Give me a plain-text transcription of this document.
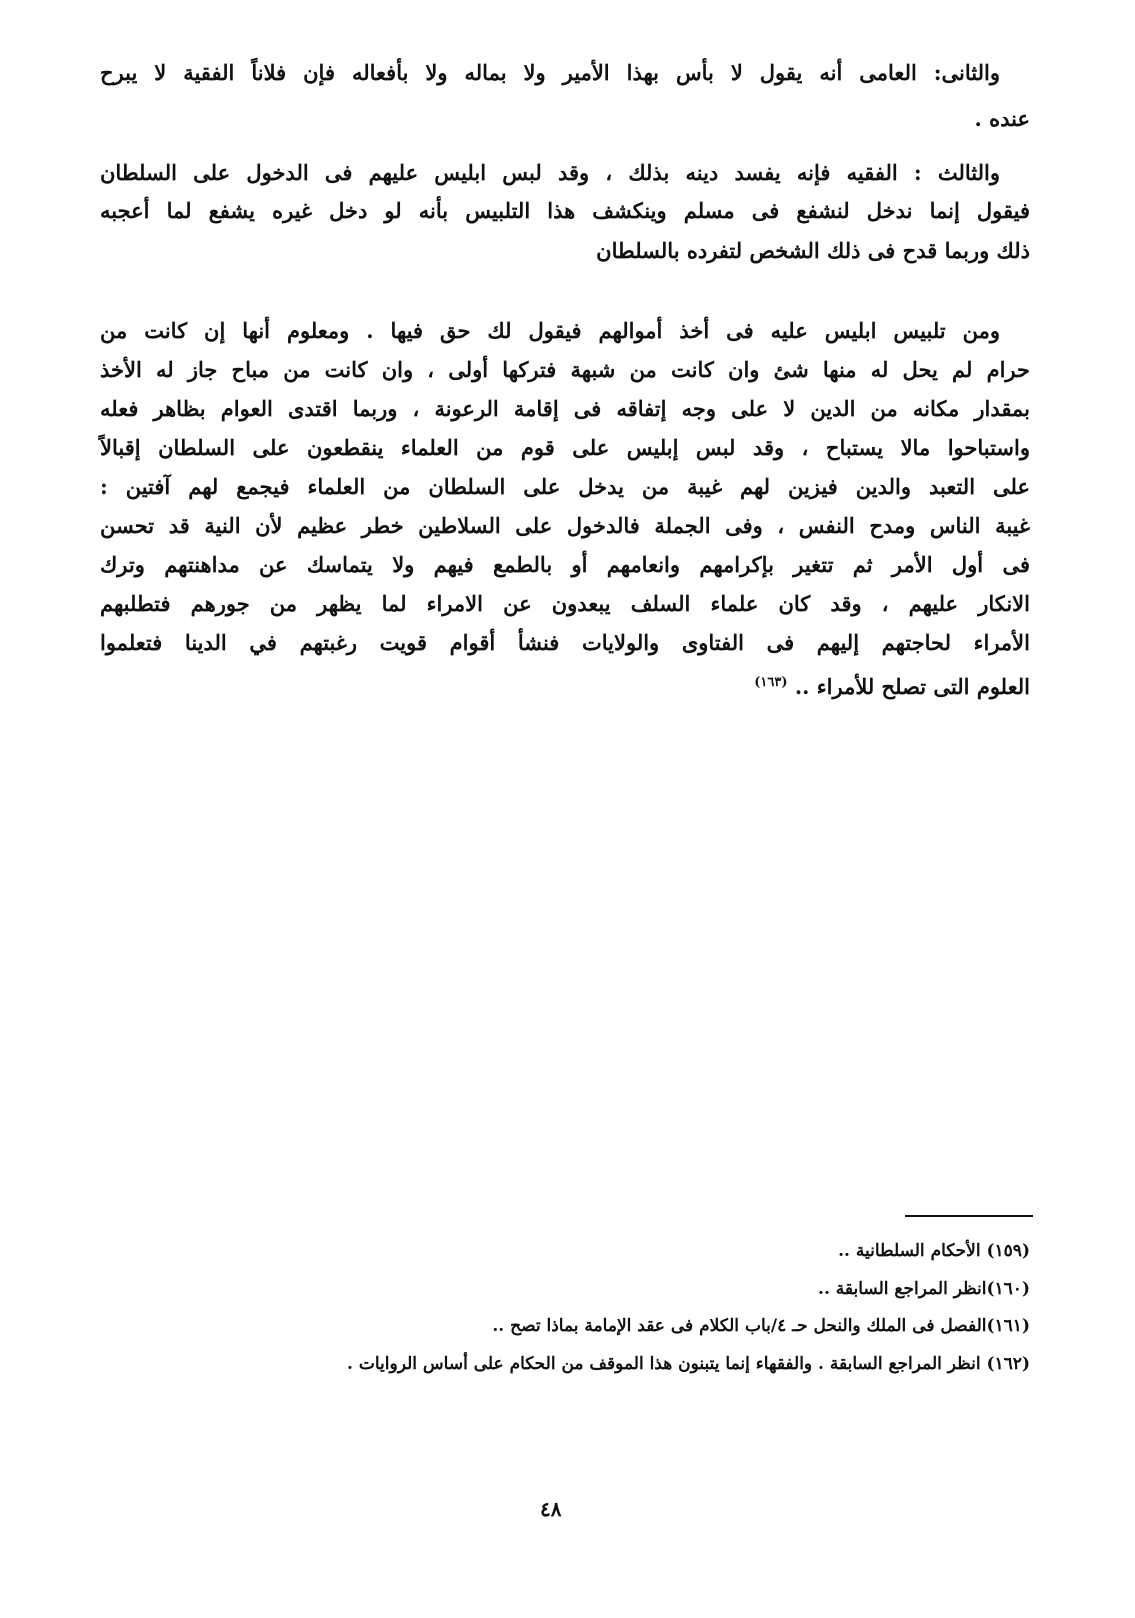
والثانى: العامى أنه يقول لا بأس بهذا الأمير ولا بماله ولا بأفعاله فإن فلاناً الفقية لا يبرح
عنده .
والثالث : الفقيه فإنه يفسد دينه بذلك ، وقد لبس ابليس عليهم فى الدخول على السلطان
فيقول إنما ندخل لنشفع فى مسلم وينكشف هذا التلبيس بأنه لو دخل غيره يشفع لما أعجبه
ذلك وربما قدح فى ذلك الشخص لتفرده بالسلطان
ومن تلبيس ابليس عليه فى أخذ أموالهم فيقول لك حق فيها . ومعلوم أنها إن كانت من
حرام لم يحل له منها شئ وان كانت من شبهة فتركها أولى ، وان كانت من مباح جاز له الأخذ
بمقدار مكانه من الدين لا على وجه إتفاقه فى إقامة الرعونة ، وربما اقتدى العوام بظاهر فعله
واستباحوا مالا يستباح ، وقد لبس إبليس على قوم من العلماء ينقطعون على السلطان إقبالاً
على التعبد والدين فيزين لهم غيبة من يدخل على السلطان من العلماء فيجمع لهم آفتين :
غيبة الناس ومدح النفس ، وفى الجملة فالدخول على السلاطين خطر عظيم لأن النية قد تحسن
فى أول الأمر ثم تتغير بإكرامهم وانعامهم أو بالطمع فيهم ولا يتماسك عن مداهنتهم وترك
الانكار عليهم ، وقد كان علماء السلف يبعدون عن الامراء لما يظهر من جورهم فتطلبهم
الأمراء لحاجتهم إليهم فى الفتاوى والولايات فنشأ أقوام قويت رغبتهم في الدينا فتعلموا
العلوم التى تصلح للأمراء .. $^{(١٦٣)}$
(١٥٩) الأحكام السلطانية ..
(١٦٠)انظر المراجع السابقة ..
(١٦١)الفصل فى الملك والنحل حـ ٤/باب الكلام فى عقد الإمامة بماذا تصح ..
(١٦٢) انظر المراجع السابقة . والفقهاء إنما يتبنون هذا الموقف من الحكام على أساس الروايات .
٤٨
